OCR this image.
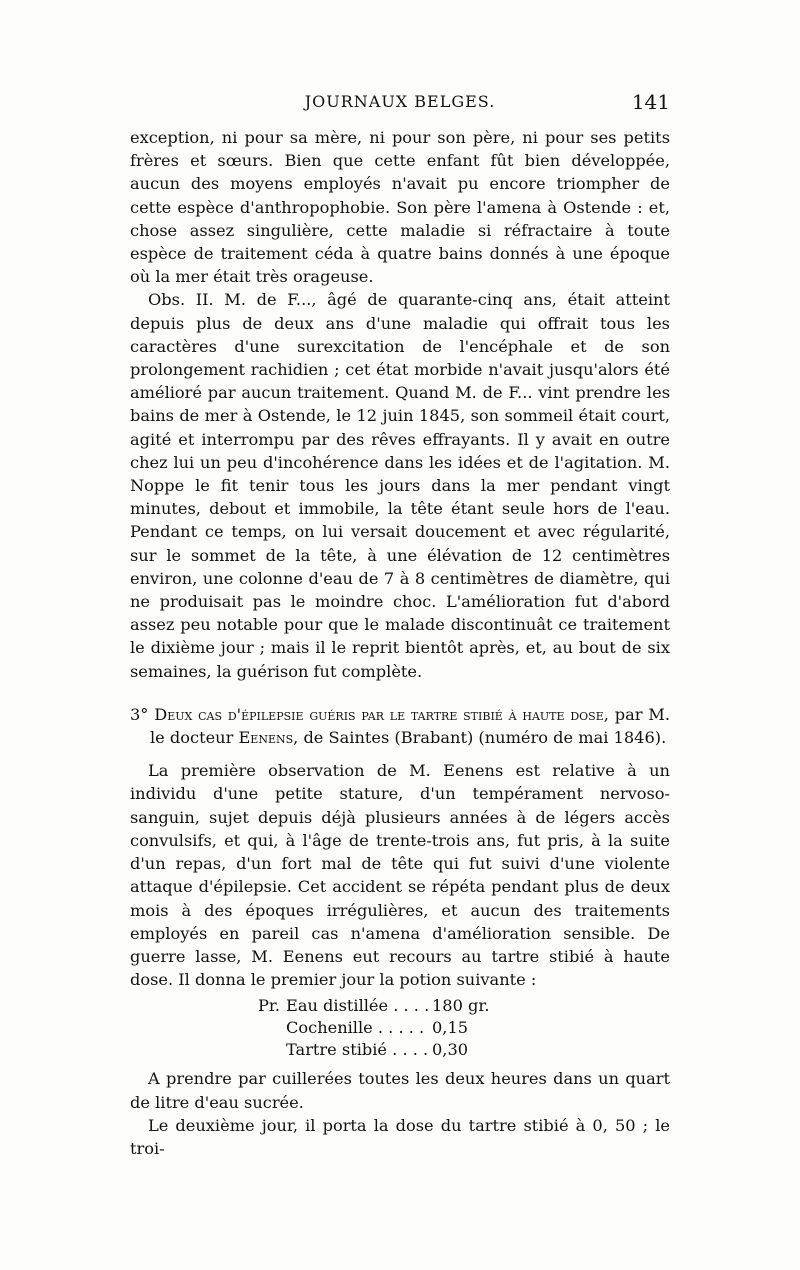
JOURNAUX BELGES.	141

exception, ni pour sa mère, ni pour son père, ni pour ses petits frères et sœurs. Bien que cette enfant fût bien développée, aucun des moyens employés n'avait pu encore triompher de cette espèce d'anthropophobie. Son père l'amena à Ostende : et, chose assez singulière, cette maladie si réfractaire à toute espèce de traitement céda à quatre bains donnés à une époque où la mer était très orageuse.

Obs. II. M. de F..., âgé de quarante-cinq ans, était atteint depuis plus de deux ans d'une maladie qui offrait tous les caractères d'une surexcitation de l'encéphale et de son prolongement rachidien ; cet état morbide n'avait jusqu'alors été amélioré par aucun traitement. Quand M. de F... vint prendre les bains de mer à Ostende, le 12 juin 1845, son sommeil était court, agité et interrompu par des rêves effrayants. Il y avait en outre chez lui un peu d'incohérence dans les idées et de l'agitation. M. Noppe le fit tenir tous les jours dans la mer pendant vingt minutes, debout et immobile, la tête étant seule hors de l'eau. Pendant ce temps, on lui versait doucement et avec régularité, sur le sommet de la tête, à une élévation de 12 centimètres environ, une colonne d'eau de 7 à 8 centimètres de diamètre, qui ne produisait pas le moindre choc. L'amélioration fut d'abord assez peu notable pour que le malade discontinuât ce traitement le dixième jour ; mais il le reprit bientôt après, et, au bout de six semaines, la guérison fut complète.

3° Deux cas d'épilepsie guéris par le tartre stibié à haute dose, par M. le docteur Eenens, de Saintes (Brabant) (numéro de mai 1846).

La première observation de M. Eenens est relative à un individu d'une petite stature, d'un tempérament nervoso-sanguin, sujet depuis déjà plusieurs années à de légers accès convulsifs, et qui, à l'âge de trente-trois ans, fut pris, à la suite d'un repas, d'un fort mal de tête qui fut suivi d'une violente attaque d'épilepsie. Cet accident se répéta pendant plus de deux mois à des époques irrégulières, et aucun des traitements employés en pareil cas n'amena d'amélioration sensible. De guerre lasse, M. Eenens eut recours au tartre stibié à haute dose. Il donna le premier jour la potion suivante :

Pr. Eau distillée . . . . 180 gr.
Cochenille . . . . . 0,15
Tartre stibié . . . . 0,30

A prendre par cuillerées toutes les deux heures dans un quart de litre d'eau sucrée.

Le deuxième jour, il porta la dose du tartre stibié à 0, 50 ; le troi-
